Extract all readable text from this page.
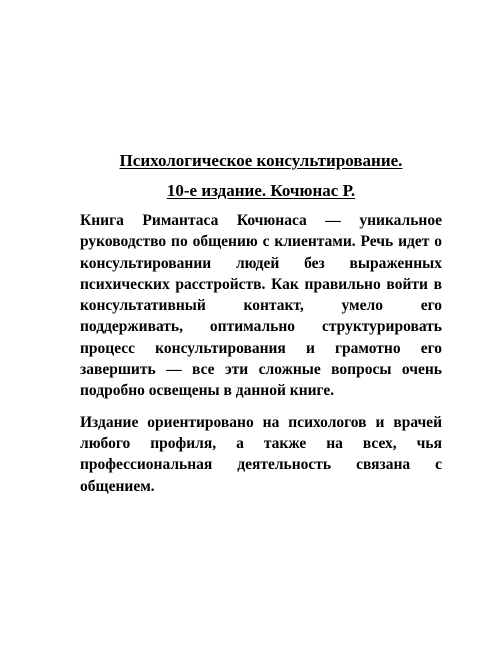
Психологическое консультирование.
10-е издание. Кочюнас Р.

Книга Римантаса Кочюнаса — уникальное руководство по общению с клиентами. Речь идет о консультировании людей без выраженных психических расстройств. Как правильно войти в консультативный контакт, умело его поддерживать, оптимально структурировать процесс консультирования и грамотно его завершить — все эти сложные вопросы очень подробно освещены в данной книге.

Издание ориентировано на психологов и врачей любого профиля, а также на всех, чья профессиональная деятельность связана с общением.
